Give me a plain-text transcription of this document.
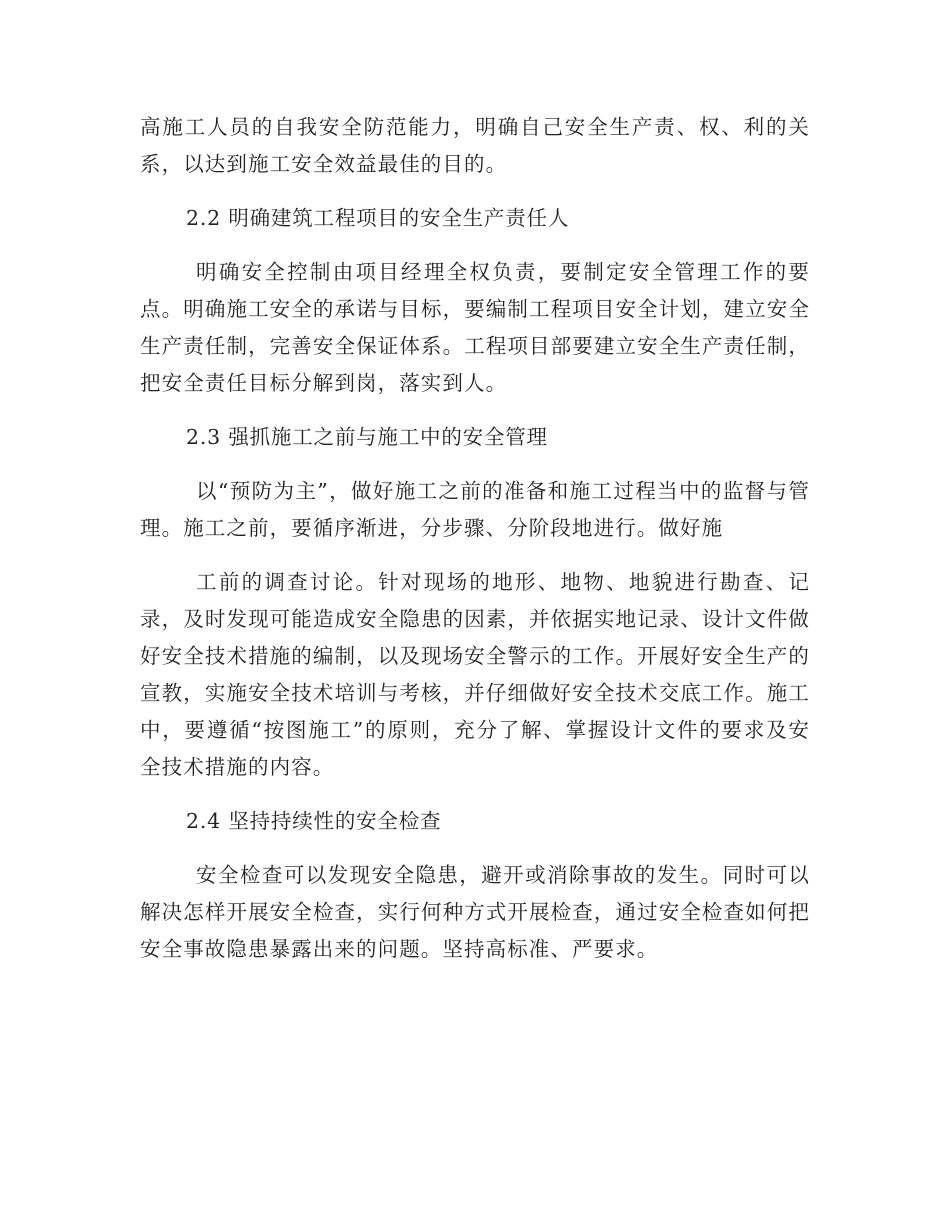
高施工人员的自我安全防范能力，明确自己安全生产责、权、利的关系，以达到施工安全效益最佳的目的。

2.2 明确建筑工程项目的安全生产责任人

明确安全控制由项目经理全权负责，要制定安全管理工作的要点。明确施工安全的承诺与目标，要编制工程项目安全计划，建立安全生产责任制，完善安全保证体系。工程项目部要建立安全生产责任制，把安全责任目标分解到岗，落实到人。

2.3 强抓施工之前与施工中的安全管理

以“预防为主”，做好施工之前的准备和施工过程当中的监督与管理。施工之前，要循序渐进，分步骤、分阶段地进行。做好施

工前的调查讨论。针对现场的地形、地物、地貌进行勘查、记录，及时发现可能造成安全隐患的因素，并依据实地记录、设计文件做好安全技术措施的编制，以及现场安全警示的工作。开展好安全生产的宣教，实施安全技术培训与考核，并仔细做好安全技术交底工作。施工中，要遵循“按图施工”的原则，充分了解、掌握设计文件的要求及安全技术措施的内容。

2.4 坚持持续性的安全检查

安全检查可以发现安全隐患，避开或消除事故的发生。同时可以解决怎样开展安全检查，实行何种方式开展检查，通过安全检查如何把安全事故隐患暴露出来的问题。坚持高标准、严要求。
